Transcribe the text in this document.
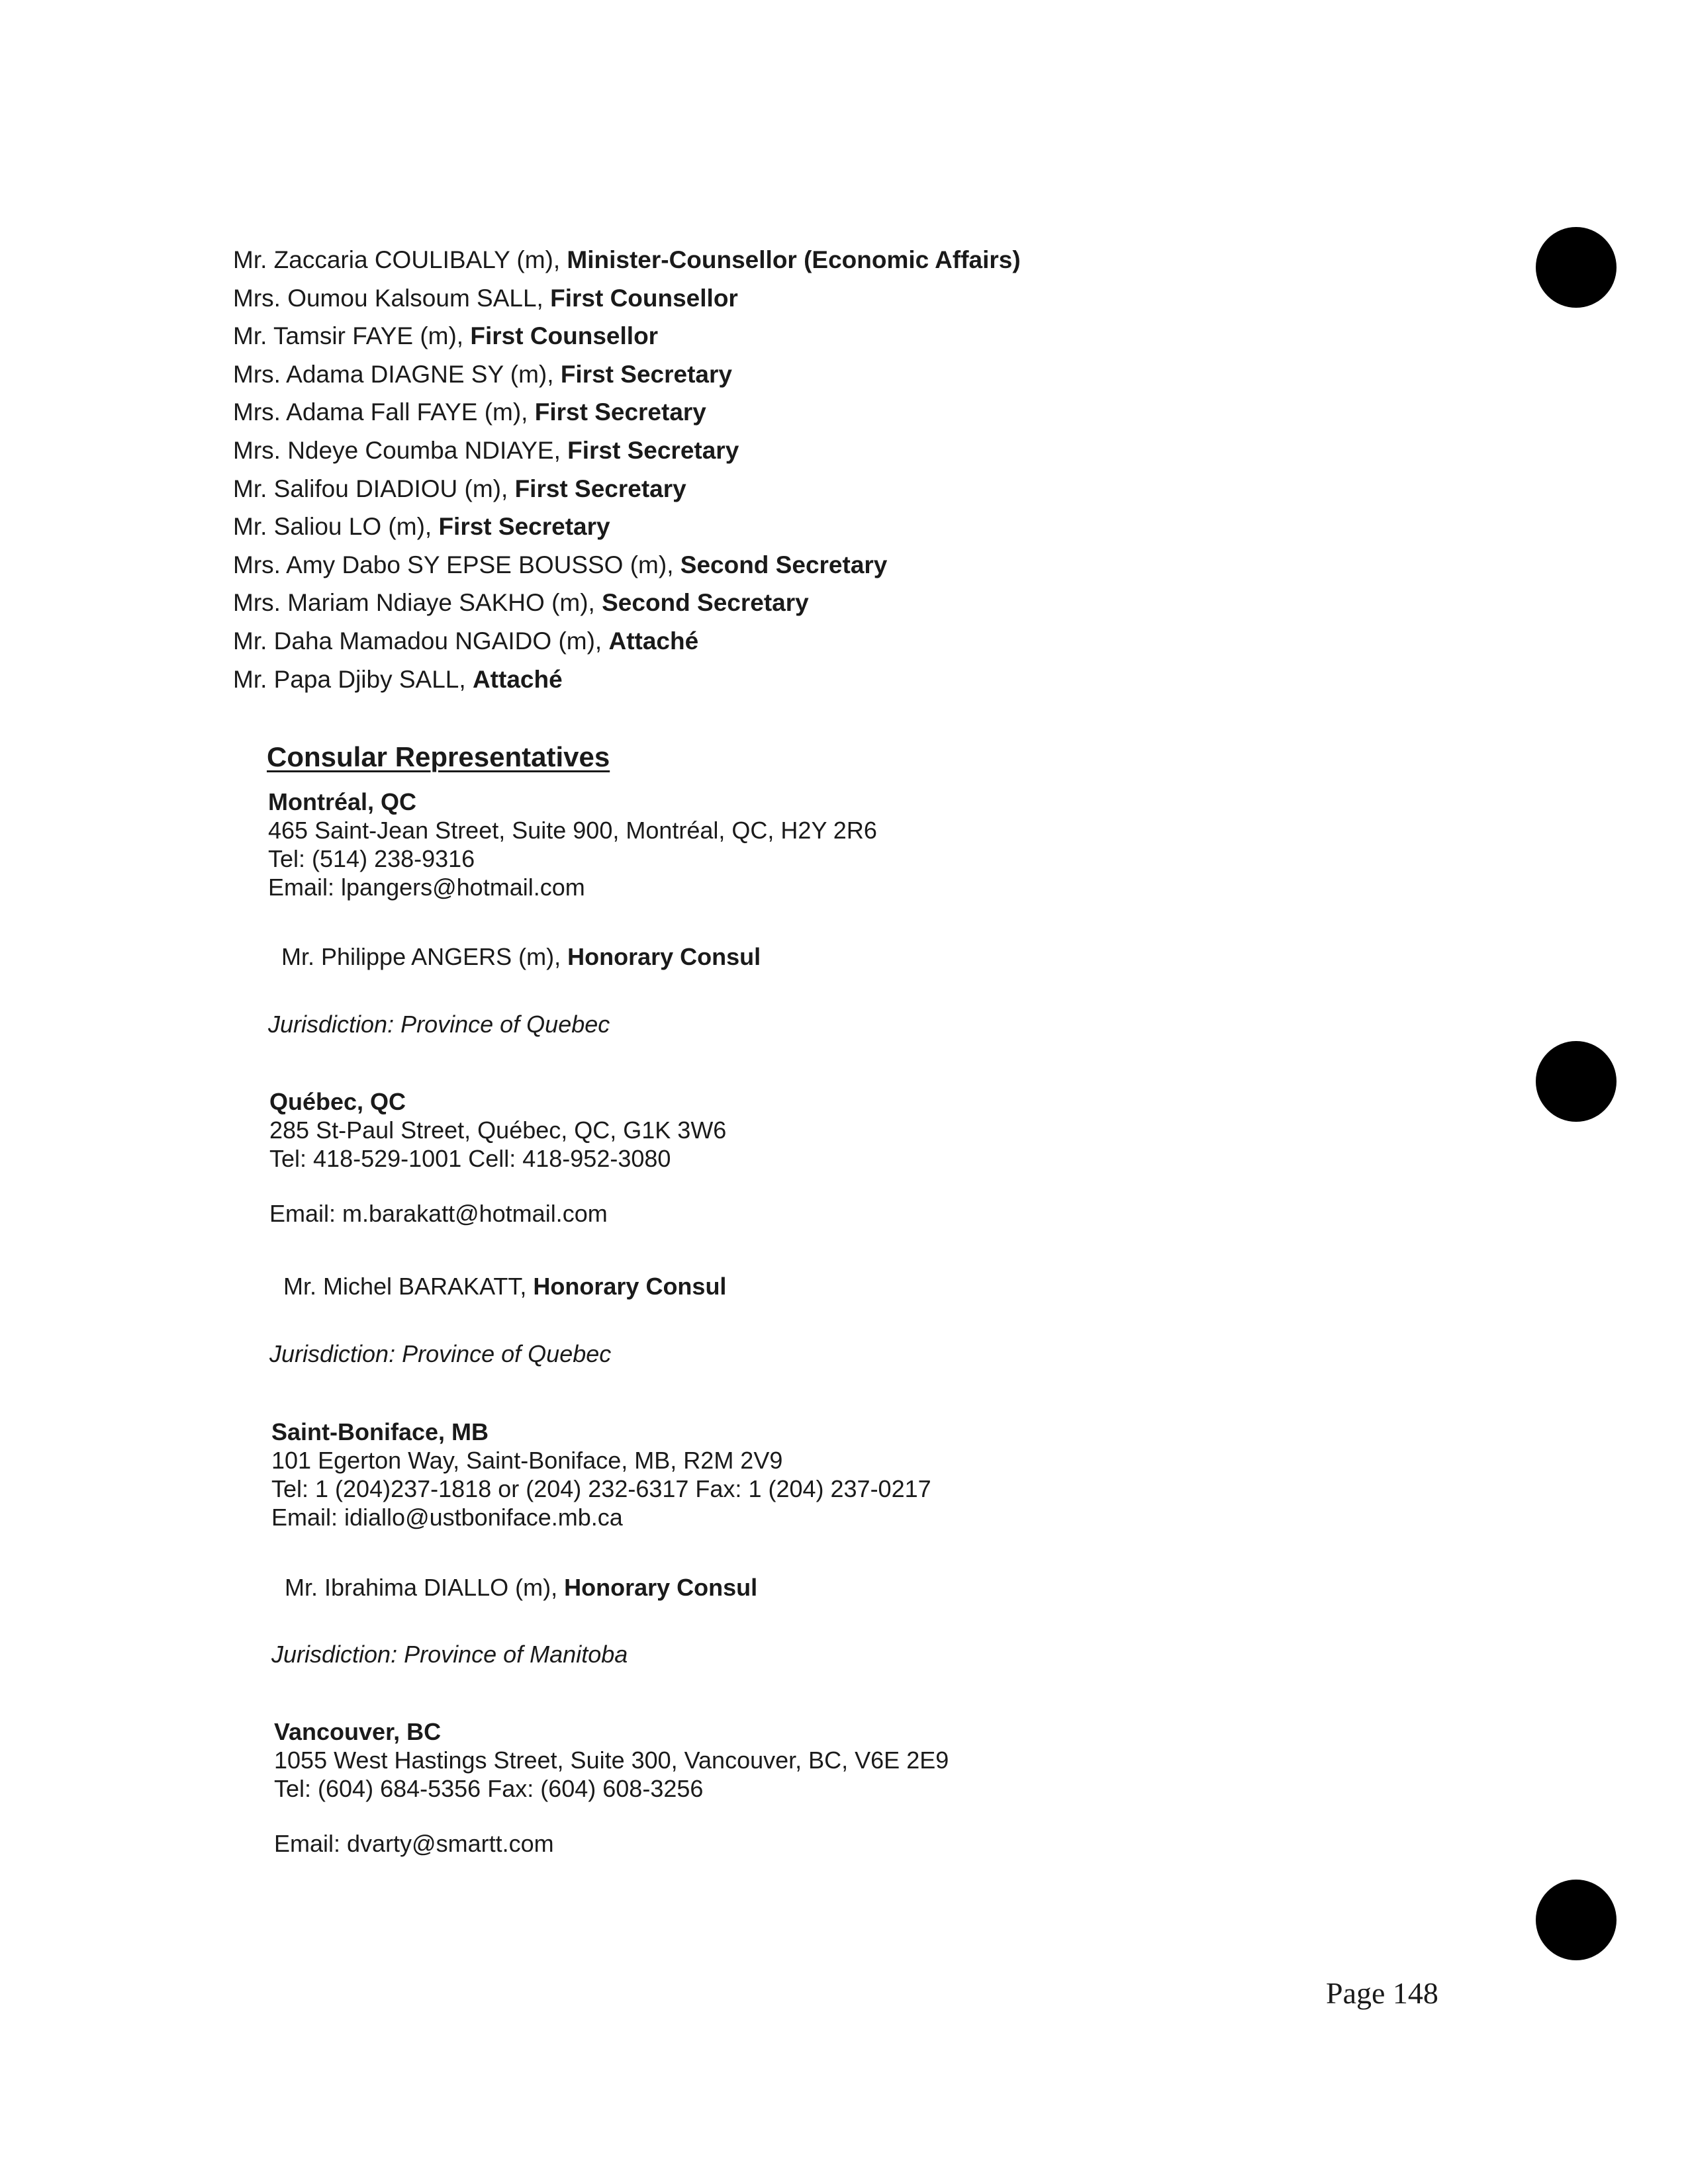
Mr. Zaccaria COULIBALY (m), Minister-Counsellor (Economic Affairs)
Mrs. Oumou Kalsoum SALL, First Counsellor
Mr. Tamsir FAYE (m), First Counsellor
Mrs. Adama DIAGNE SY (m), First Secretary
Mrs. Adama Fall FAYE (m), First Secretary
Mrs. Ndeye Coumba NDIAYE, First Secretary
Mr. Salifou DIADIOU (m), First Secretary
Mr. Saliou LO (m), First Secretary
Mrs. Amy Dabo SY EPSE BOUSSO (m), Second Secretary
Mrs. Mariam Ndiaye SAKHO (m), Second Secretary
Mr. Daha Mamadou NGAIDO (m), Attaché
Mr. Papa Djiby SALL, Attaché
Consular Representatives
Montréal, QC
465 Saint-Jean Street, Suite 900, Montréal, QC, H2Y 2R6
Tel: (514) 238-9316
Email: lpangers@hotmail.com
Mr. Philippe ANGERS (m), Honorary Consul
Jurisdiction: Province of Quebec
Québec, QC
285 St-Paul Street, Québec, QC, G1K 3W6
Tel: 418-529-1001 Cell: 418-952-3080
Email: m.barakatt@hotmail.com
Mr. Michel BARAKATT, Honorary Consul
Jurisdiction: Province of Quebec
Saint-Boniface, MB
101 Egerton Way, Saint-Boniface, MB, R2M 2V9
Tel: 1 (204)237-1818 or (204) 232-6317 Fax: 1 (204) 237-0217
Email: idiallo@ustboniface.mb.ca
Mr. Ibrahima DIALLO (m), Honorary Consul
Jurisdiction: Province of Manitoba
Vancouver, BC
1055 West Hastings Street, Suite 300, Vancouver, BC, V6E 2E9
Tel: (604) 684-5356 Fax: (604) 608-3256
Email: dvarty@smartt.com
Page 148
